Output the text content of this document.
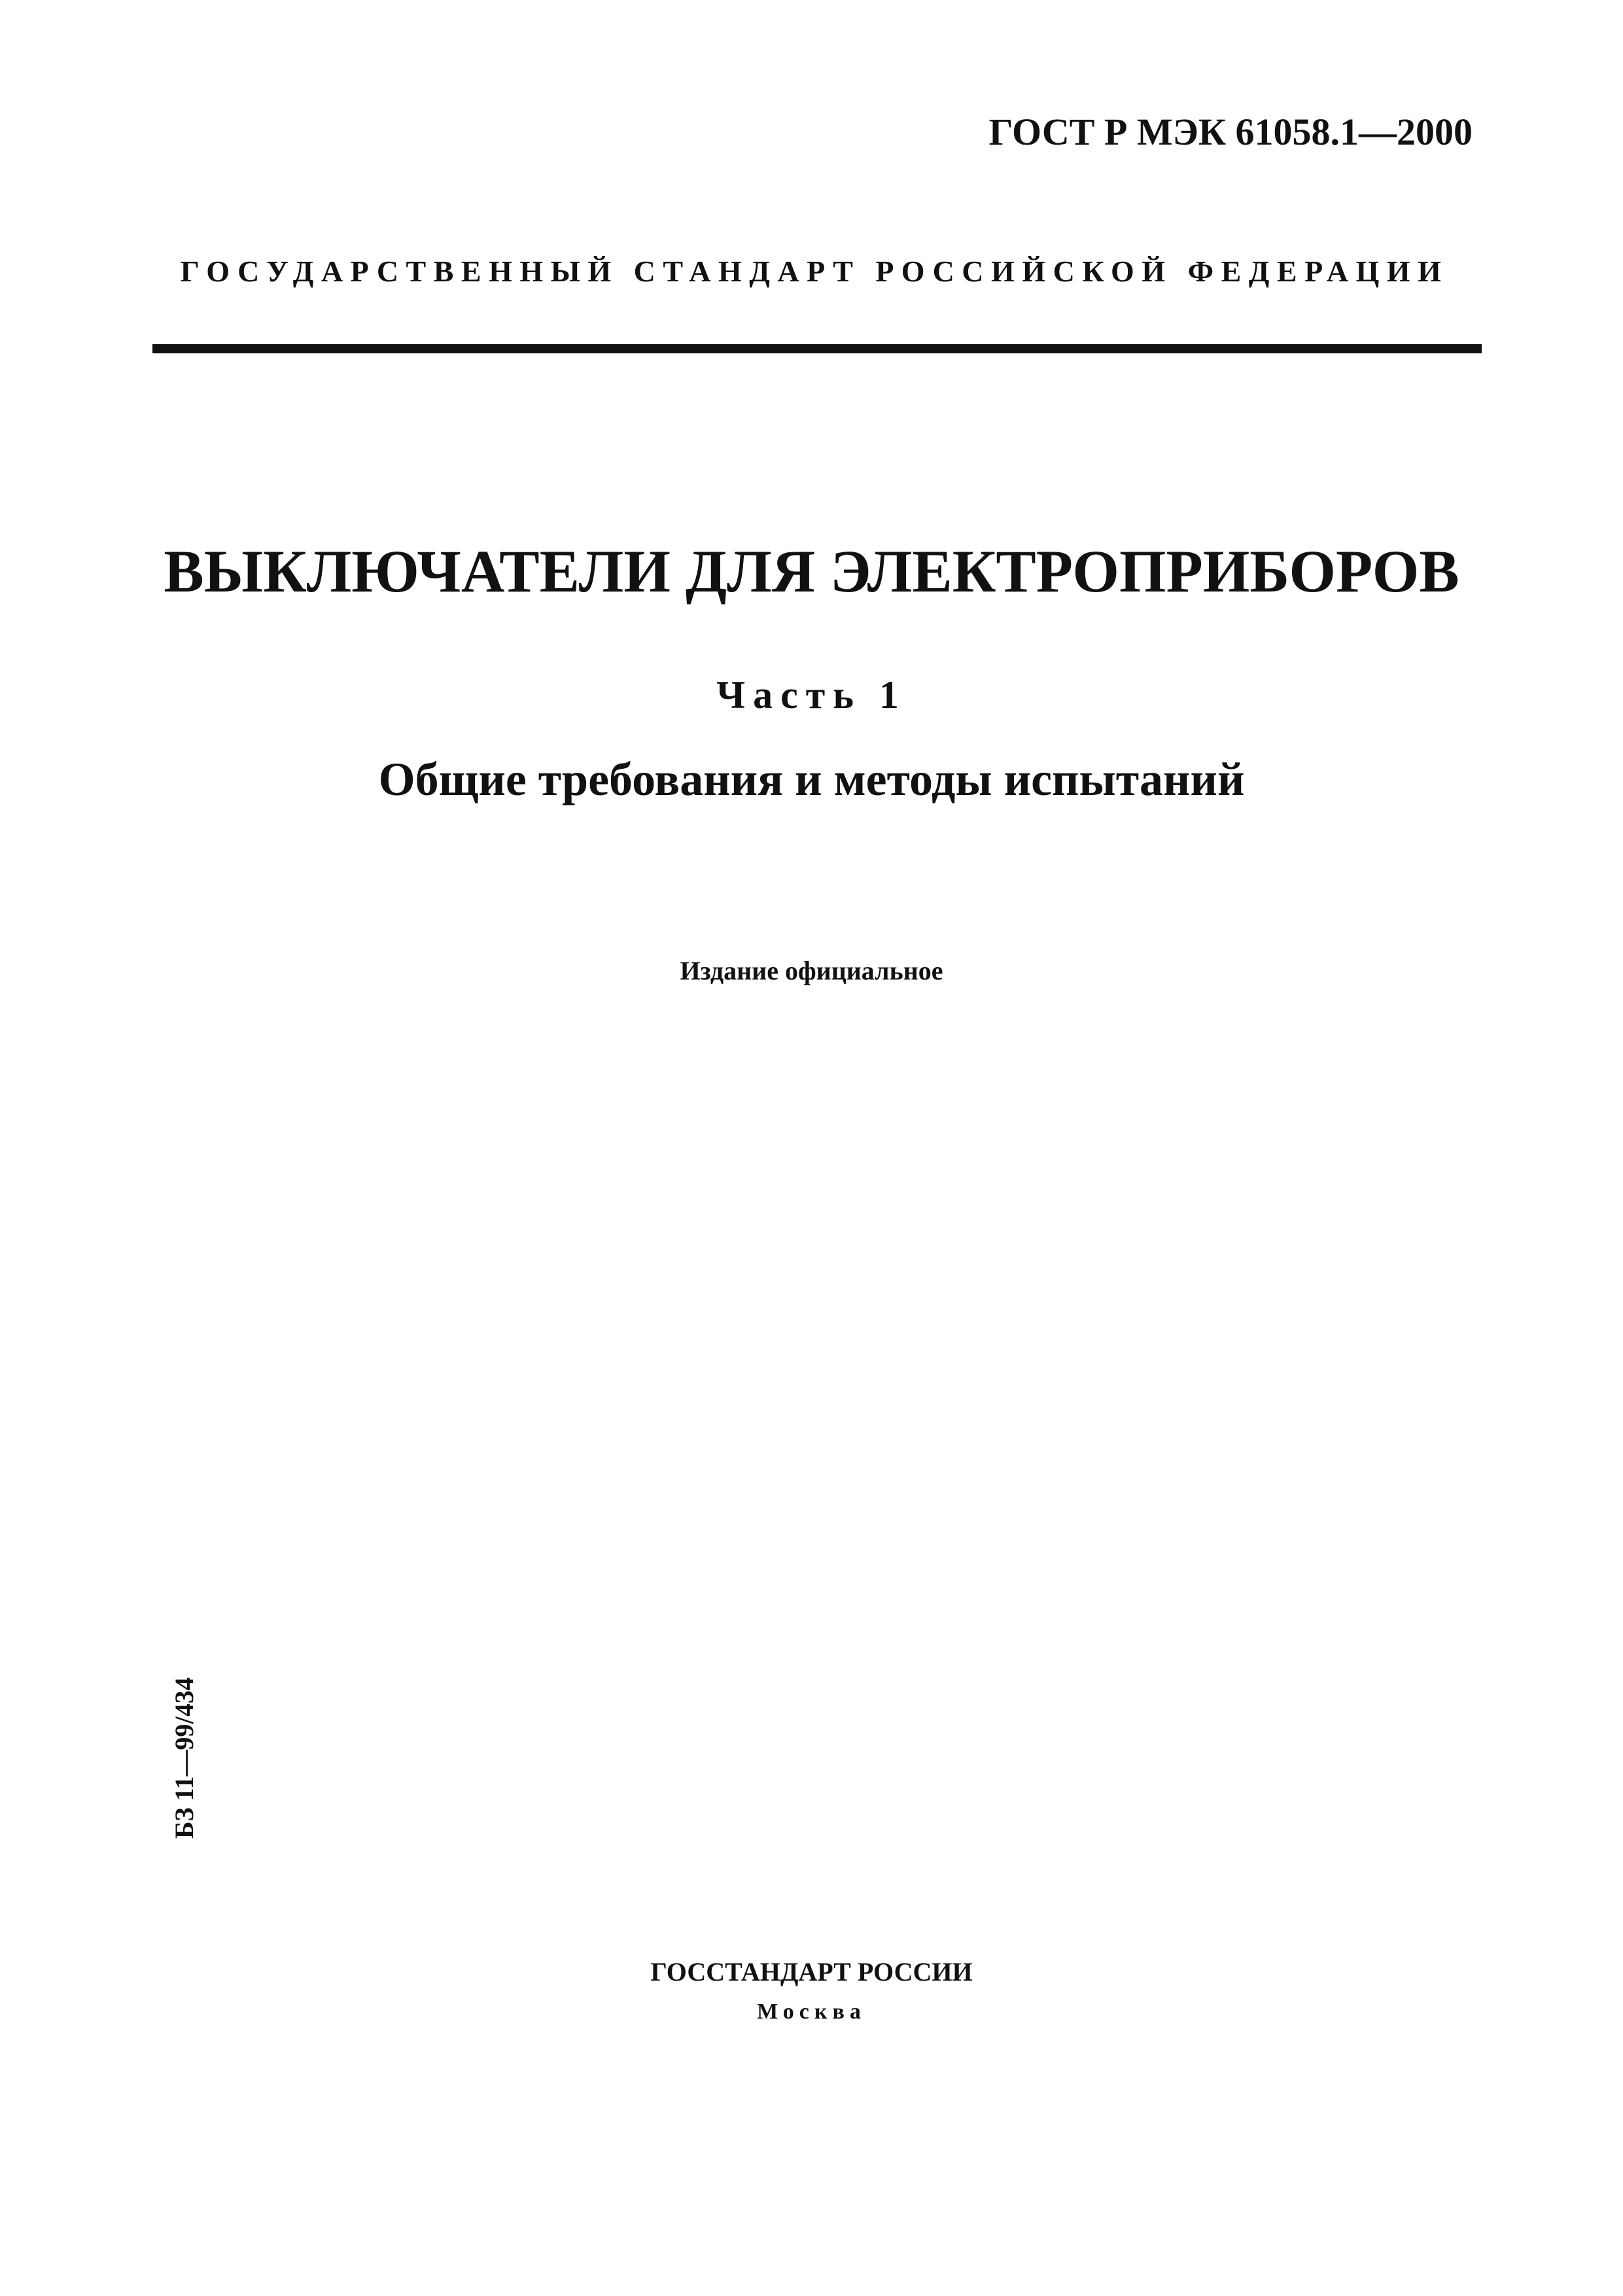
ГОСТ Р МЭК 61058.1—2000
ГОСУДАРСТВЕННЫЙ СТАНДАРТ РОССИЙСКОЙ ФЕДЕРАЦИИ
ВЫКЛЮЧАТЕЛИ ДЛЯ ЭЛЕКТРОПРИБОРОВ
Часть 1
Общие требования и методы испытаний
Издание официальное
БЗ 11—99/434
ГОССТАНДАРТ РОССИИ
Москва
